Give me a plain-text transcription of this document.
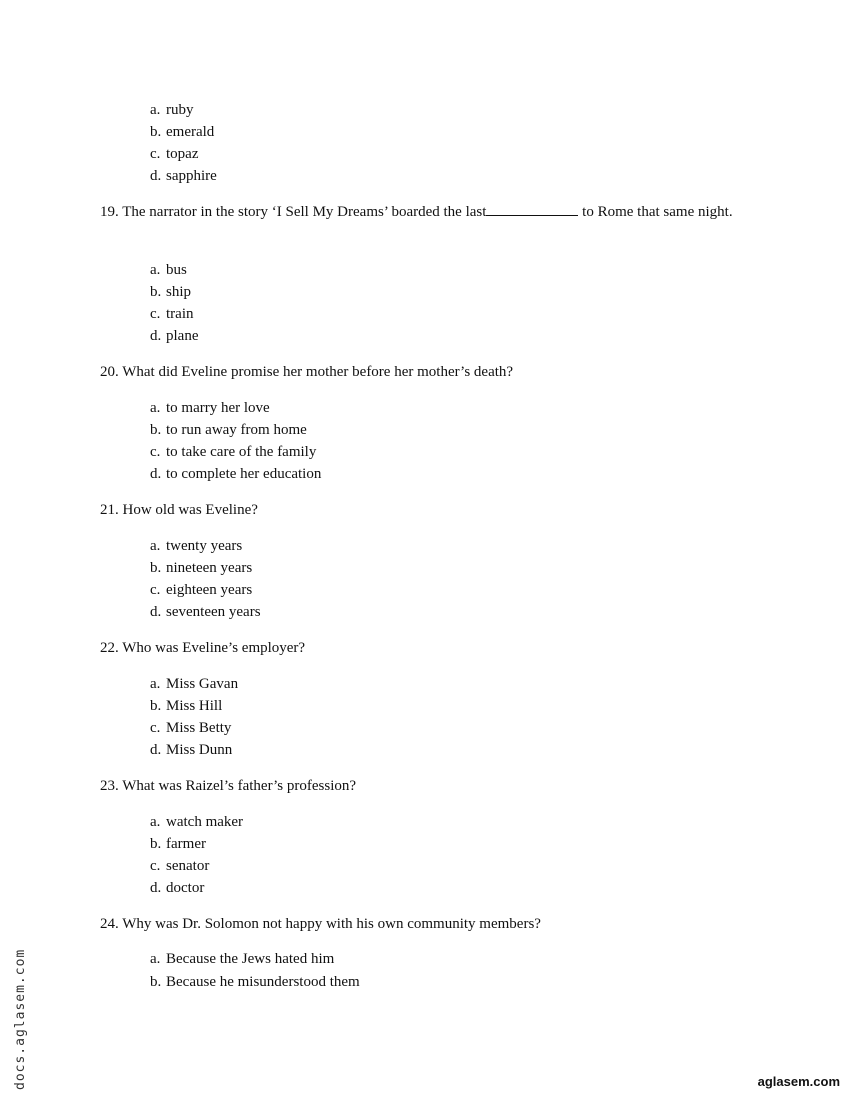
a. ruby
b. emerald
c. topaz
d. sapphire

19. The narrator in the story ‘I Sell My Dreams’ boarded the last	to Rome that same night.

a. bus
b. ship
c. train
d. plane

20. What did Eveline promise her mother before her mother’s death?

a. to marry her love
b. to run away from home
c. to take care of the family
d. to complete her education

21. How old was Eveline?

a. twenty years
b. nineteen years
c. eighteen years
d. seventeen years

22. Who was Eveline’s employer?

a. Miss Gavan
b. Miss Hill
c. Miss Betty
d. Miss Dunn

23. What was Raizel’s father’s profession?

a. watch maker
b. farmer
c. senator
d. doctor

24. Why was Dr. Solomon not happy with his own community members?

a. Because the Jews hated him
b. Because he misunderstood them
docs.aglasem.com	aglasem.com
